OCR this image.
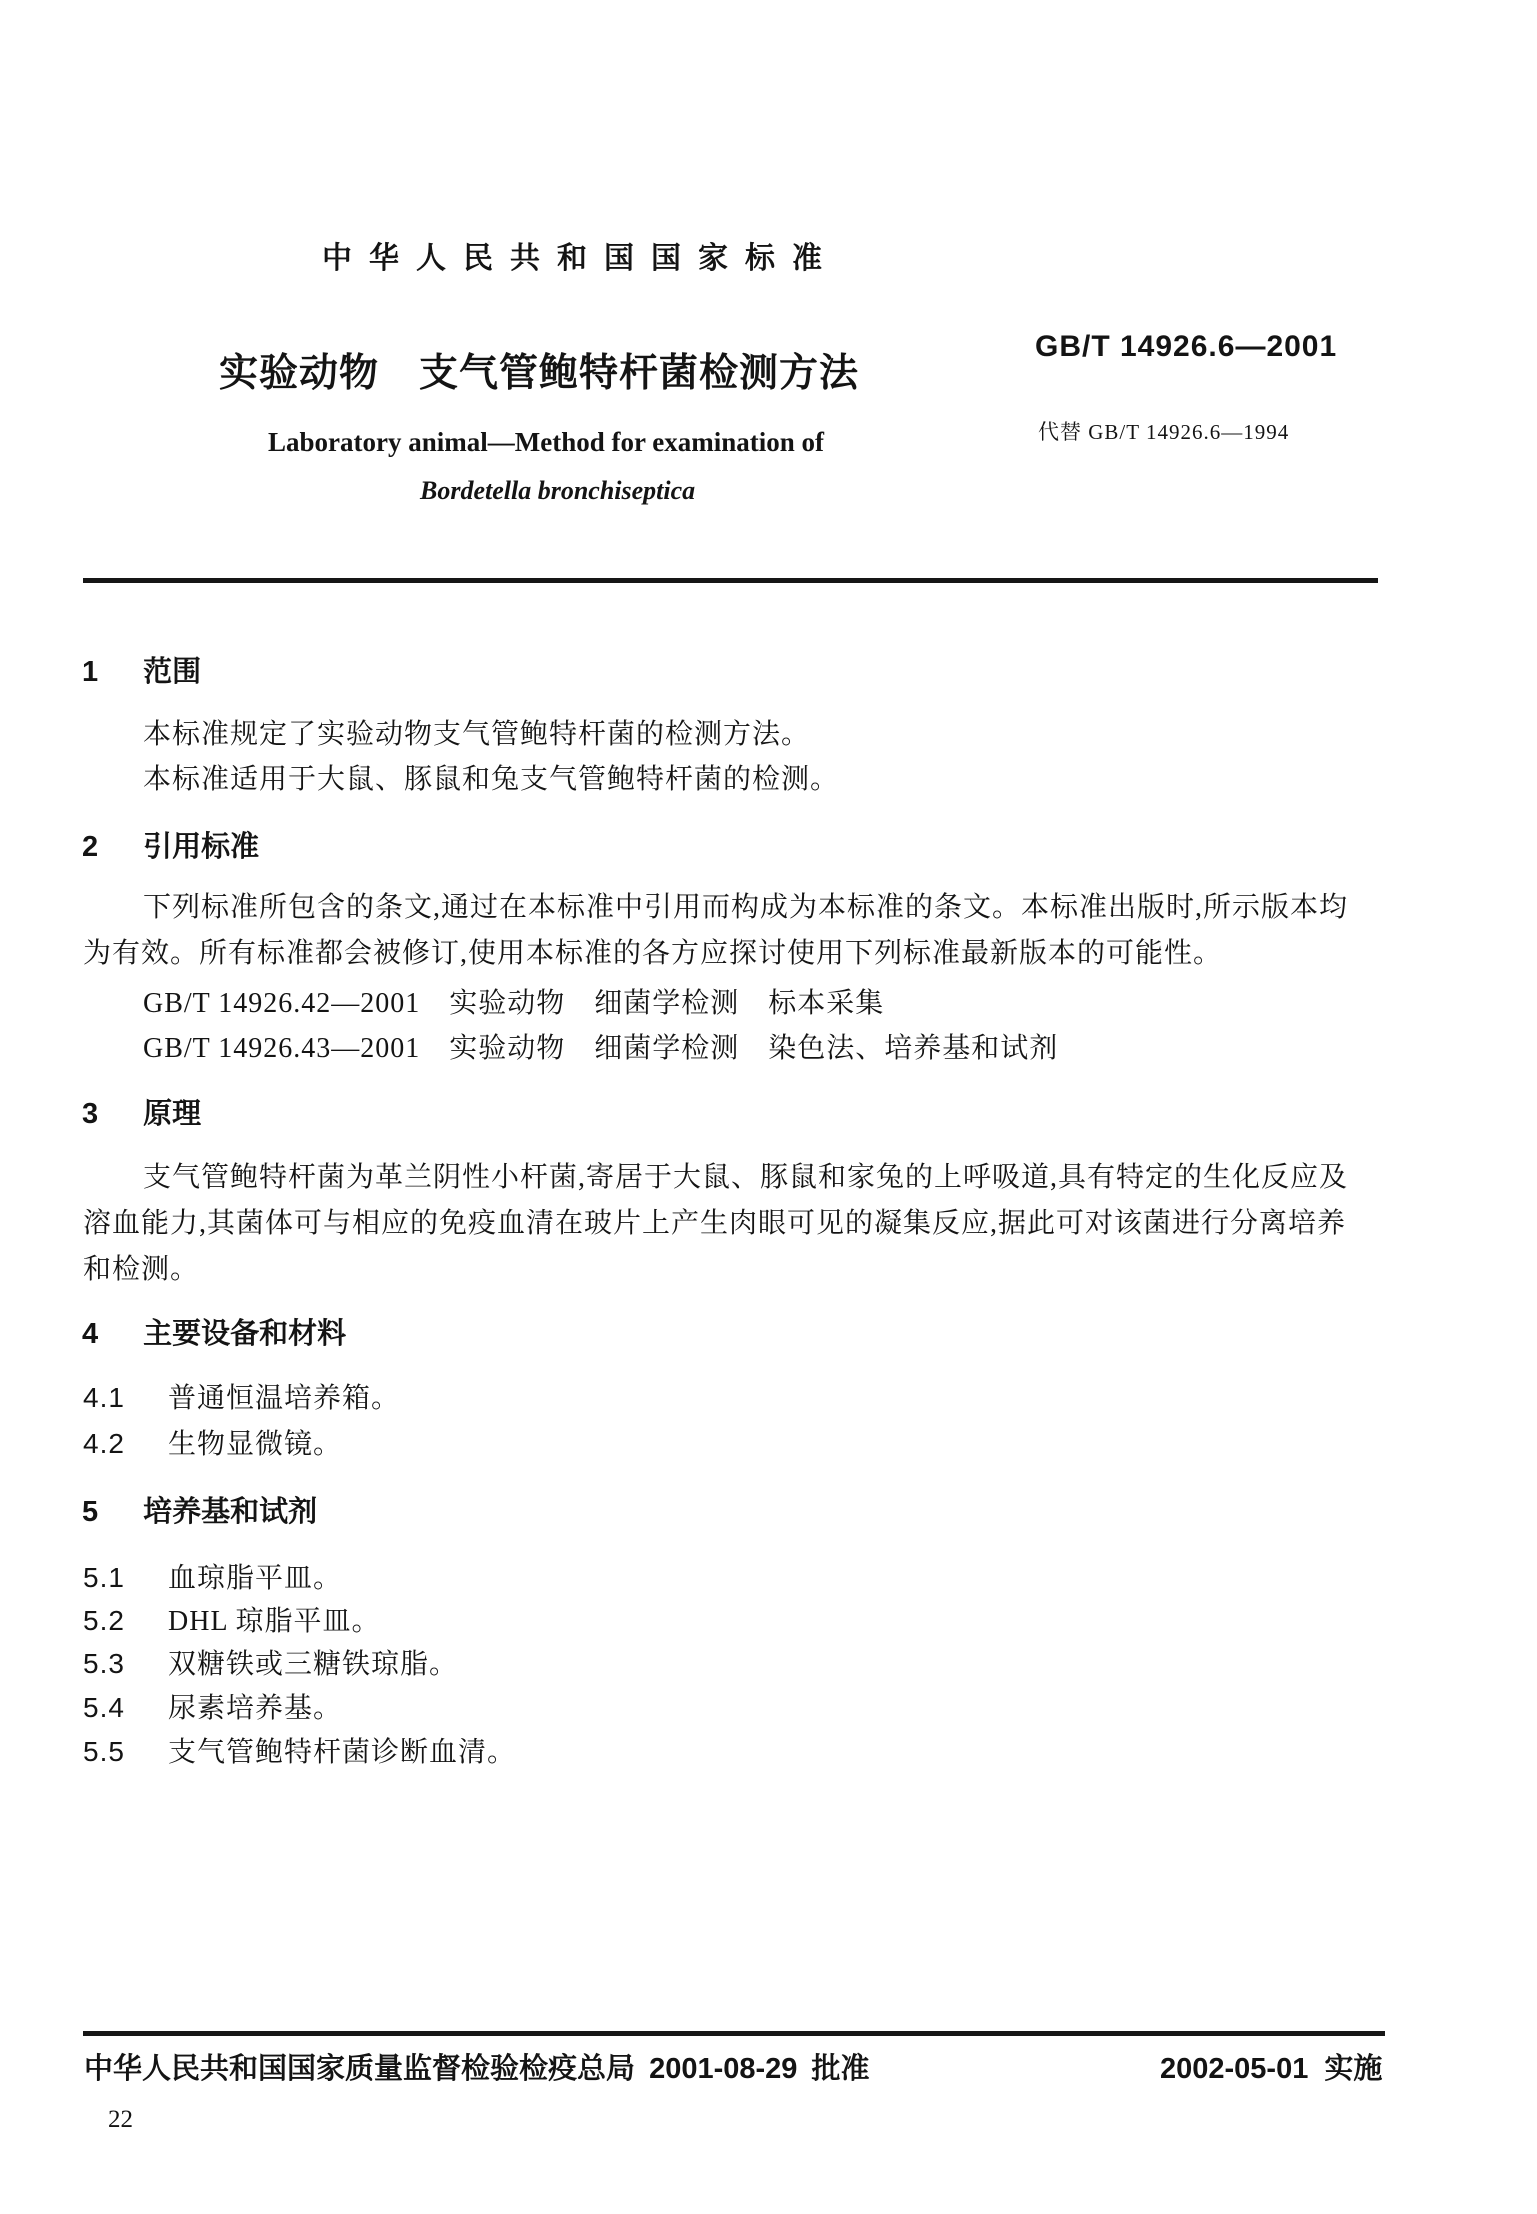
中华人民共和国国家标准
实验动物　支气管鲍特杆菌检测方法
GB/T 14926.6—2001
代替 GB/T 14926.6—1994
Laboratory animal—Method for examination of
Bordetella bronchiseptica
1 范围
本标准规定了实验动物支气管鲍特杆菌的检测方法。
本标准适用于大鼠、豚鼠和兔支气管鲍特杆菌的检测。
2 引用标准
下列标准所包含的条文,通过在本标准中引用而构成为本标准的条文。本标准出版时,所示版本均
为有效。所有标准都会被修订,使用本标准的各方应探讨使用下列标准最新版本的可能性。
GB/T 14926.42—2001　实验动物　细菌学检测　标本采集
GB/T 14926.43—2001　实验动物　细菌学检测　染色法、培养基和试剂
3 原理
支气管鲍特杆菌为革兰阴性小杆菌,寄居于大鼠、豚鼠和家兔的上呼吸道,具有特定的生化反应及
溶血能力,其菌体可与相应的免疫血清在玻片上产生肉眼可见的凝集反应,据此可对该菌进行分离培养
和检测。
4 主要设备和材料
4.1 普通恒温培养箱。
4.2 生物显微镜。
5 培养基和试剂
5.1 血琼脂平皿。
5.2 DHL 琼脂平皿。
5.3 双糖铁或三糖铁琼脂。
5.4 尿素培养基。
5.5 支气管鲍特杆菌诊断血清。
中华人民共和国国家质量监督检验检疫总局 2001-08-29 批准	2002-05-01 实施
22
